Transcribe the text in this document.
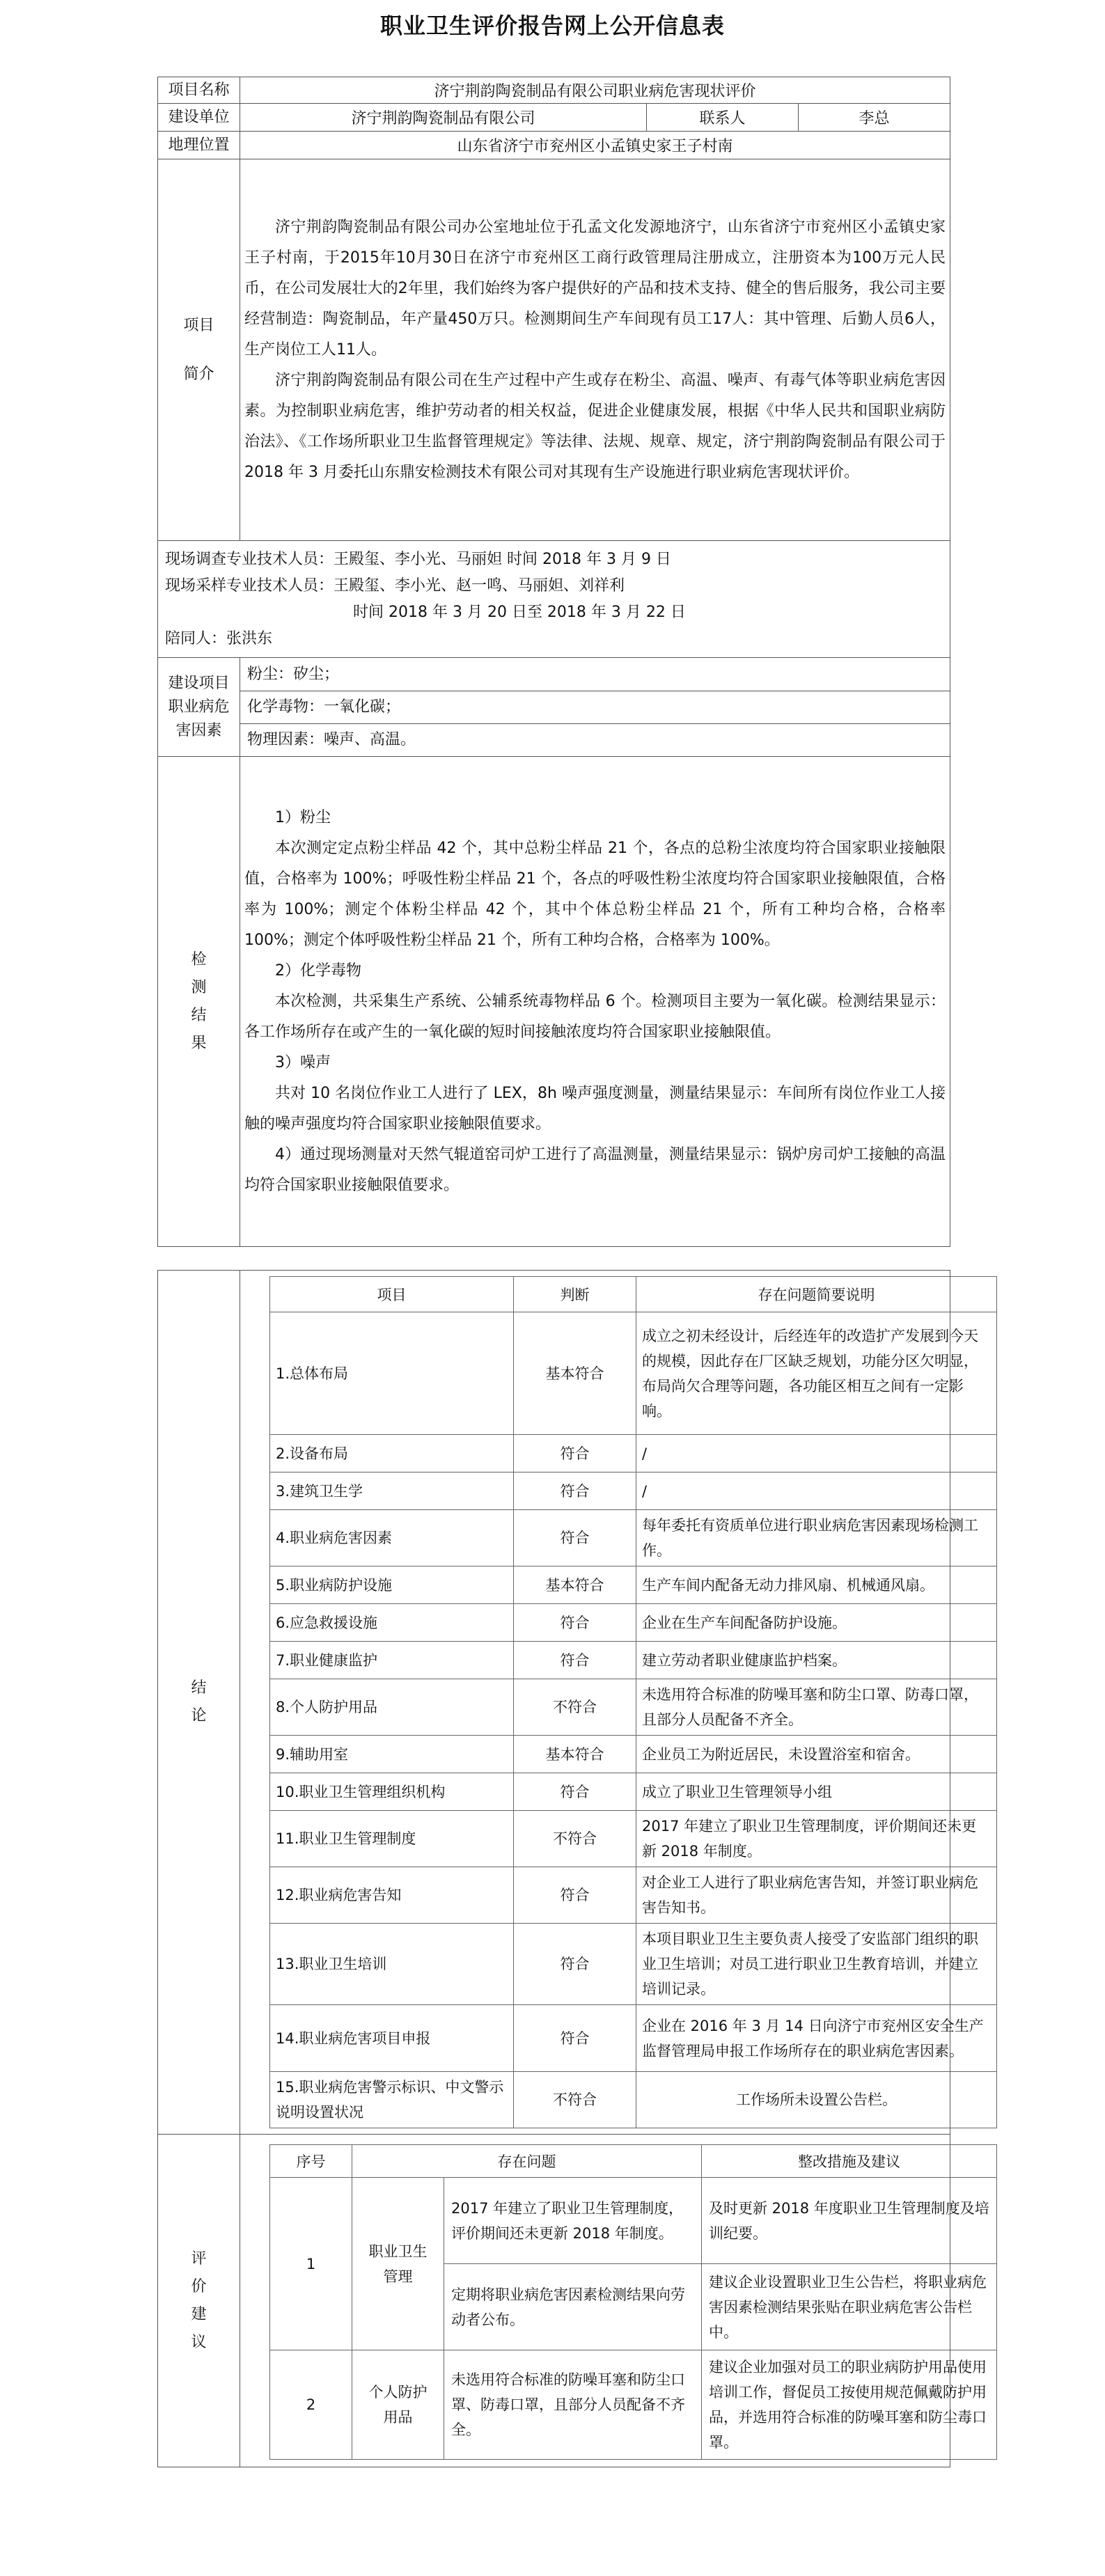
职业卫生评价报告网上公开信息表
项目名称	济宁荆韵陶瓷制品有限公司职业病危害现状评价
建设单位	济宁荆韵陶瓷制品有限公司	联系人	李总
地理位置	山东省济宁市兖州区小孟镇史家王子村南

项目
简介

济宁荆韵陶瓷制品有限公司办公室地址位于孔孟文化发源地济宁，山东省济宁市兖州区小孟镇史家王子村南，于2015年10月30日在济宁市兖州区工商行政管理局注册成立，注册资本为100万元人民币，在公司发展壮大的2年里，我们始终为客户提供好的产品和技术支持、健全的售后服务，我公司主要经营制造：陶瓷制品，年产量450万只。检测期间生产车间现有员工17人：其中管理、后勤人员6人，生产岗位工人11人。

济宁荆韵陶瓷制品有限公司在生产过程中产生或存在粉尘、高温、噪声、有毒气体等职业病危害因素。为控制职业病危害，维护劳动者的相关权益，促进企业健康发展，根据《中华人民共和国职业病防治法》、《工作场所职业卫生监督管理规定》等法律、法规、规章、规定，济宁荆韵陶瓷制品有限公司于 2018 年 3 月委托山东鼎安检测技术有限公司对其现有生产设施进行职业病危害现状评价。

现场调查专业技术人员：王殿玺、李小光、马丽妲 时间 2018 年 3 月 9 日
现场采样专业技术人员：王殿玺、李小光、赵一鸣、马丽妲、刘祥利
时间 2018 年 3 月 20 日至 2018 年 3 月 22 日
陪同人：张洪东

建设项目
职业病危
害因素

粉尘：矽尘；
化学毒物：一氧化碳；
物理因素：噪声、高温。

检
测
结
果

1）粉尘

本次测定定点粉尘样品 42 个，其中总粉尘样品 21 个，各点的总粉尘浓度均符合国家职业接触限值，合格率为 100%；呼吸性粉尘样品 21 个，各点的呼吸性粉尘浓度均符合国家职业接触限值，合格率为 100%；测定个体粉尘样品 42 个，其中个体总粉尘样品 21 个，所有工种均合格，合格率 100%；测定个体呼吸性粉尘样品 21 个，所有工种均合格，合格率为 100%。

2）化学毒物

本次检测，共采集生产系统、公辅系统毒物样品 6 个。检测项目主要为一氧化碳。检测结果显示：各工作场所存在或产生的一氧化碳的短时间接触浓度均符合国家职业接触限值。

3）噪声

共对 10 名岗位作业工人进行了 LEX，8h 噪声强度测量，测量结果显示：车间所有岗位作业工人接触的噪声强度均符合国家职业接触限值要求。

4）通过现场测量对天然气辊道窑司炉工进行了高温测量，测量结果显示：锅炉房司炉工接触的高温均符合国家职业接触限值要求。

结
论

项目	判断	存在问题简要说明
1.总体布局	基本符合	成立之初未经设计，后经连年的改造扩产发展到今天的规模，因此存在厂区缺乏规划，功能分区欠明显，布局尚欠合理等问题，各功能区相互之间有一定影响。
2.设备布局	符合	/
3.建筑卫生学	符合	/
4.职业病危害因素	符合	每年委托有资质单位进行职业病危害因素现场检测工作。
5.职业病防护设施	基本符合	生产车间内配备无动力排风扇、机械通风扇。
6.应急救援设施	符合	企业在生产车间配备防护设施。
7.职业健康监护	符合	建立劳动者职业健康监护档案。
8.个人防护用品	不符合	未选用符合标准的防噪耳塞和防尘口罩、防毒口罩，且部分人员配备不齐全。
9.辅助用室	基本符合	企业员工为附近居民，未设置浴室和宿舍。
10.职业卫生管理组织机构	符合	成立了职业卫生管理领导小组
11.职业卫生管理制度	不符合	2017 年建立了职业卫生管理制度，评价期间还未更新 2018 年制度。
12.职业病危害告知	符合	对企业工人进行了职业病危害告知，并签订职业病危害告知书。
13.职业卫生培训	符合	本项目职业卫生主要负责人接受了安监部门组织的职业卫生培训；对员工进行职业卫生教育培训，并建立培训记录。
14.职业病危害项目申报	符合	企业在 2016 年 3 月 14 日向济宁市兖州区安全生产监督管理局申报工作场所存在的职业病危害因素。
15.职业病危害警示标识、中文警示说明设置状况	不符合	工作场所未设置公告栏。

评
价
建
议

序号	存在问题	整改措施及建议
1	职业卫生管理	2017 年建立了职业卫生管理制度，评价期间还未更新 2018 年制度。	及时更新 2018 年度职业卫生管理制度及培训纪要。
定期将职业病危害因素检测结果向劳动者公布。	建议企业设置职业卫生公告栏，将职业病危害因素检测结果张贴在职业病危害公告栏中。
2	个人防护用品	未选用符合标准的防噪耳塞和防尘口罩、防毒口罩，且部分人员配备不齐全。	建议企业加强对员工的职业病防护用品使用培训工作，督促员工按使用规范佩戴防护用品，并选用符合标准的防噪耳塞和防尘毒口罩。
